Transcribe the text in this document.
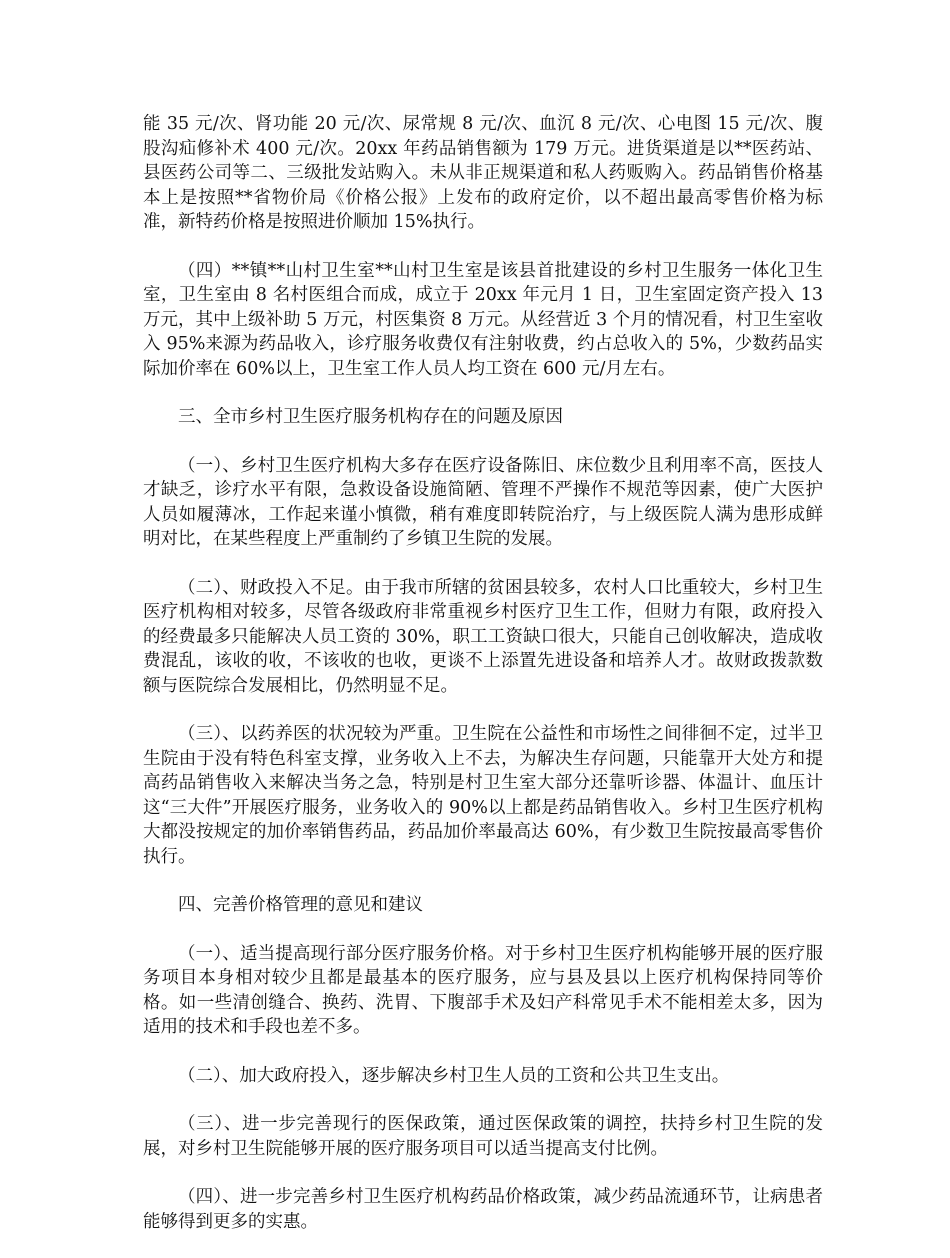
能 35 元/次、肾功能 20 元/次、尿常规 8 元/次、血沉 8 元/次、心电图 15 元/次、腹股沟疝修补术 400 元/次。20xx 年药品销售额为 179 万元。进货渠道是以**医药站、县医药公司等二、三级批发站购入。未从非正规渠道和私人药贩购入。药品销售价格基本上是按照**省物价局《价格公报》上发布的政府定价，以不超出最高零售价格为标准，新特药价格是按照进价顺加 15%执行。

（四）**镇**山村卫生室**山村卫生室是该县首批建设的乡村卫生服务一体化卫生室，卫生室由 8 名村医组合而成，成立于 20xx 年元月 1 日，卫生室固定资产投入 13 万元，其中上级补助 5 万元，村医集资 8 万元。从经营近 3 个月的情况看，村卫生室收入 95%来源为药品收入，诊疗服务收费仅有注射收费，约占总收入的 5%，少数药品实际加价率在 60%以上，卫生室工作人员人均工资在 600 元/月左右。

三、全市乡村卫生医疗服务机构存在的问题及原因

（一）、乡村卫生医疗机构大多存在医疗设备陈旧、床位数少且利用率不高，医技人才缺乏，诊疗水平有限，急救设备设施简陋、管理不严操作不规范等因素，使广大医护人员如履薄冰，工作起来谨小慎微，稍有难度即转院治疗，与上级医院人满为患形成鲜明对比，在某些程度上严重制约了乡镇卫生院的发展。

（二）、财政投入不足。由于我市所辖的贫困县较多，农村人口比重较大，乡村卫生医疗机构相对较多，尽管各级政府非常重视乡村医疗卫生工作，但财力有限，政府投入的经费最多只能解决人员工资的 30%，职工工资缺口很大，只能自己创收解决，造成收费混乱，该收的收，不该收的也收，更谈不上添置先进设备和培养人才。故财政拨款数额与医院综合发展相比，仍然明显不足。

（三）、以药养医的状况较为严重。卫生院在公益性和市场性之间徘徊不定，过半卫生院由于没有特色科室支撑，业务收入上不去，为解决生存问题，只能靠开大处方和提高药品销售收入来解决当务之急，特别是村卫生室大部分还靠听诊器、体温计、血压计这“三大件”开展医疗服务，业务收入的 90%以上都是药品销售收入。乡村卫生医疗机构大都没按规定的加价率销售药品，药品加价率最高达 60%，有少数卫生院按最高零售价执行。

四、完善价格管理的意见和建议

（一）、适当提高现行部分医疗服务价格。对于乡村卫生医疗机构能够开展的医疗服务项目本身相对较少且都是最基本的医疗服务，应与县及县以上医疗机构保持同等价格。如一些清创缝合、换药、洗胃、下腹部手术及妇产科常见手术不能相差太多，因为适用的技术和手段也差不多。

（二）、加大政府投入，逐步解决乡村卫生人员的工资和公共卫生支出。

（三）、进一步完善现行的医保政策，通过医保政策的调控，扶持乡村卫生院的发展，对乡村卫生院能够开展的医疗服务项目可以适当提高支付比例。

（四）、进一步完善乡村卫生医疗机构药品价格政策，减少药品流通环节，让病患者能够得到更多的实惠。
